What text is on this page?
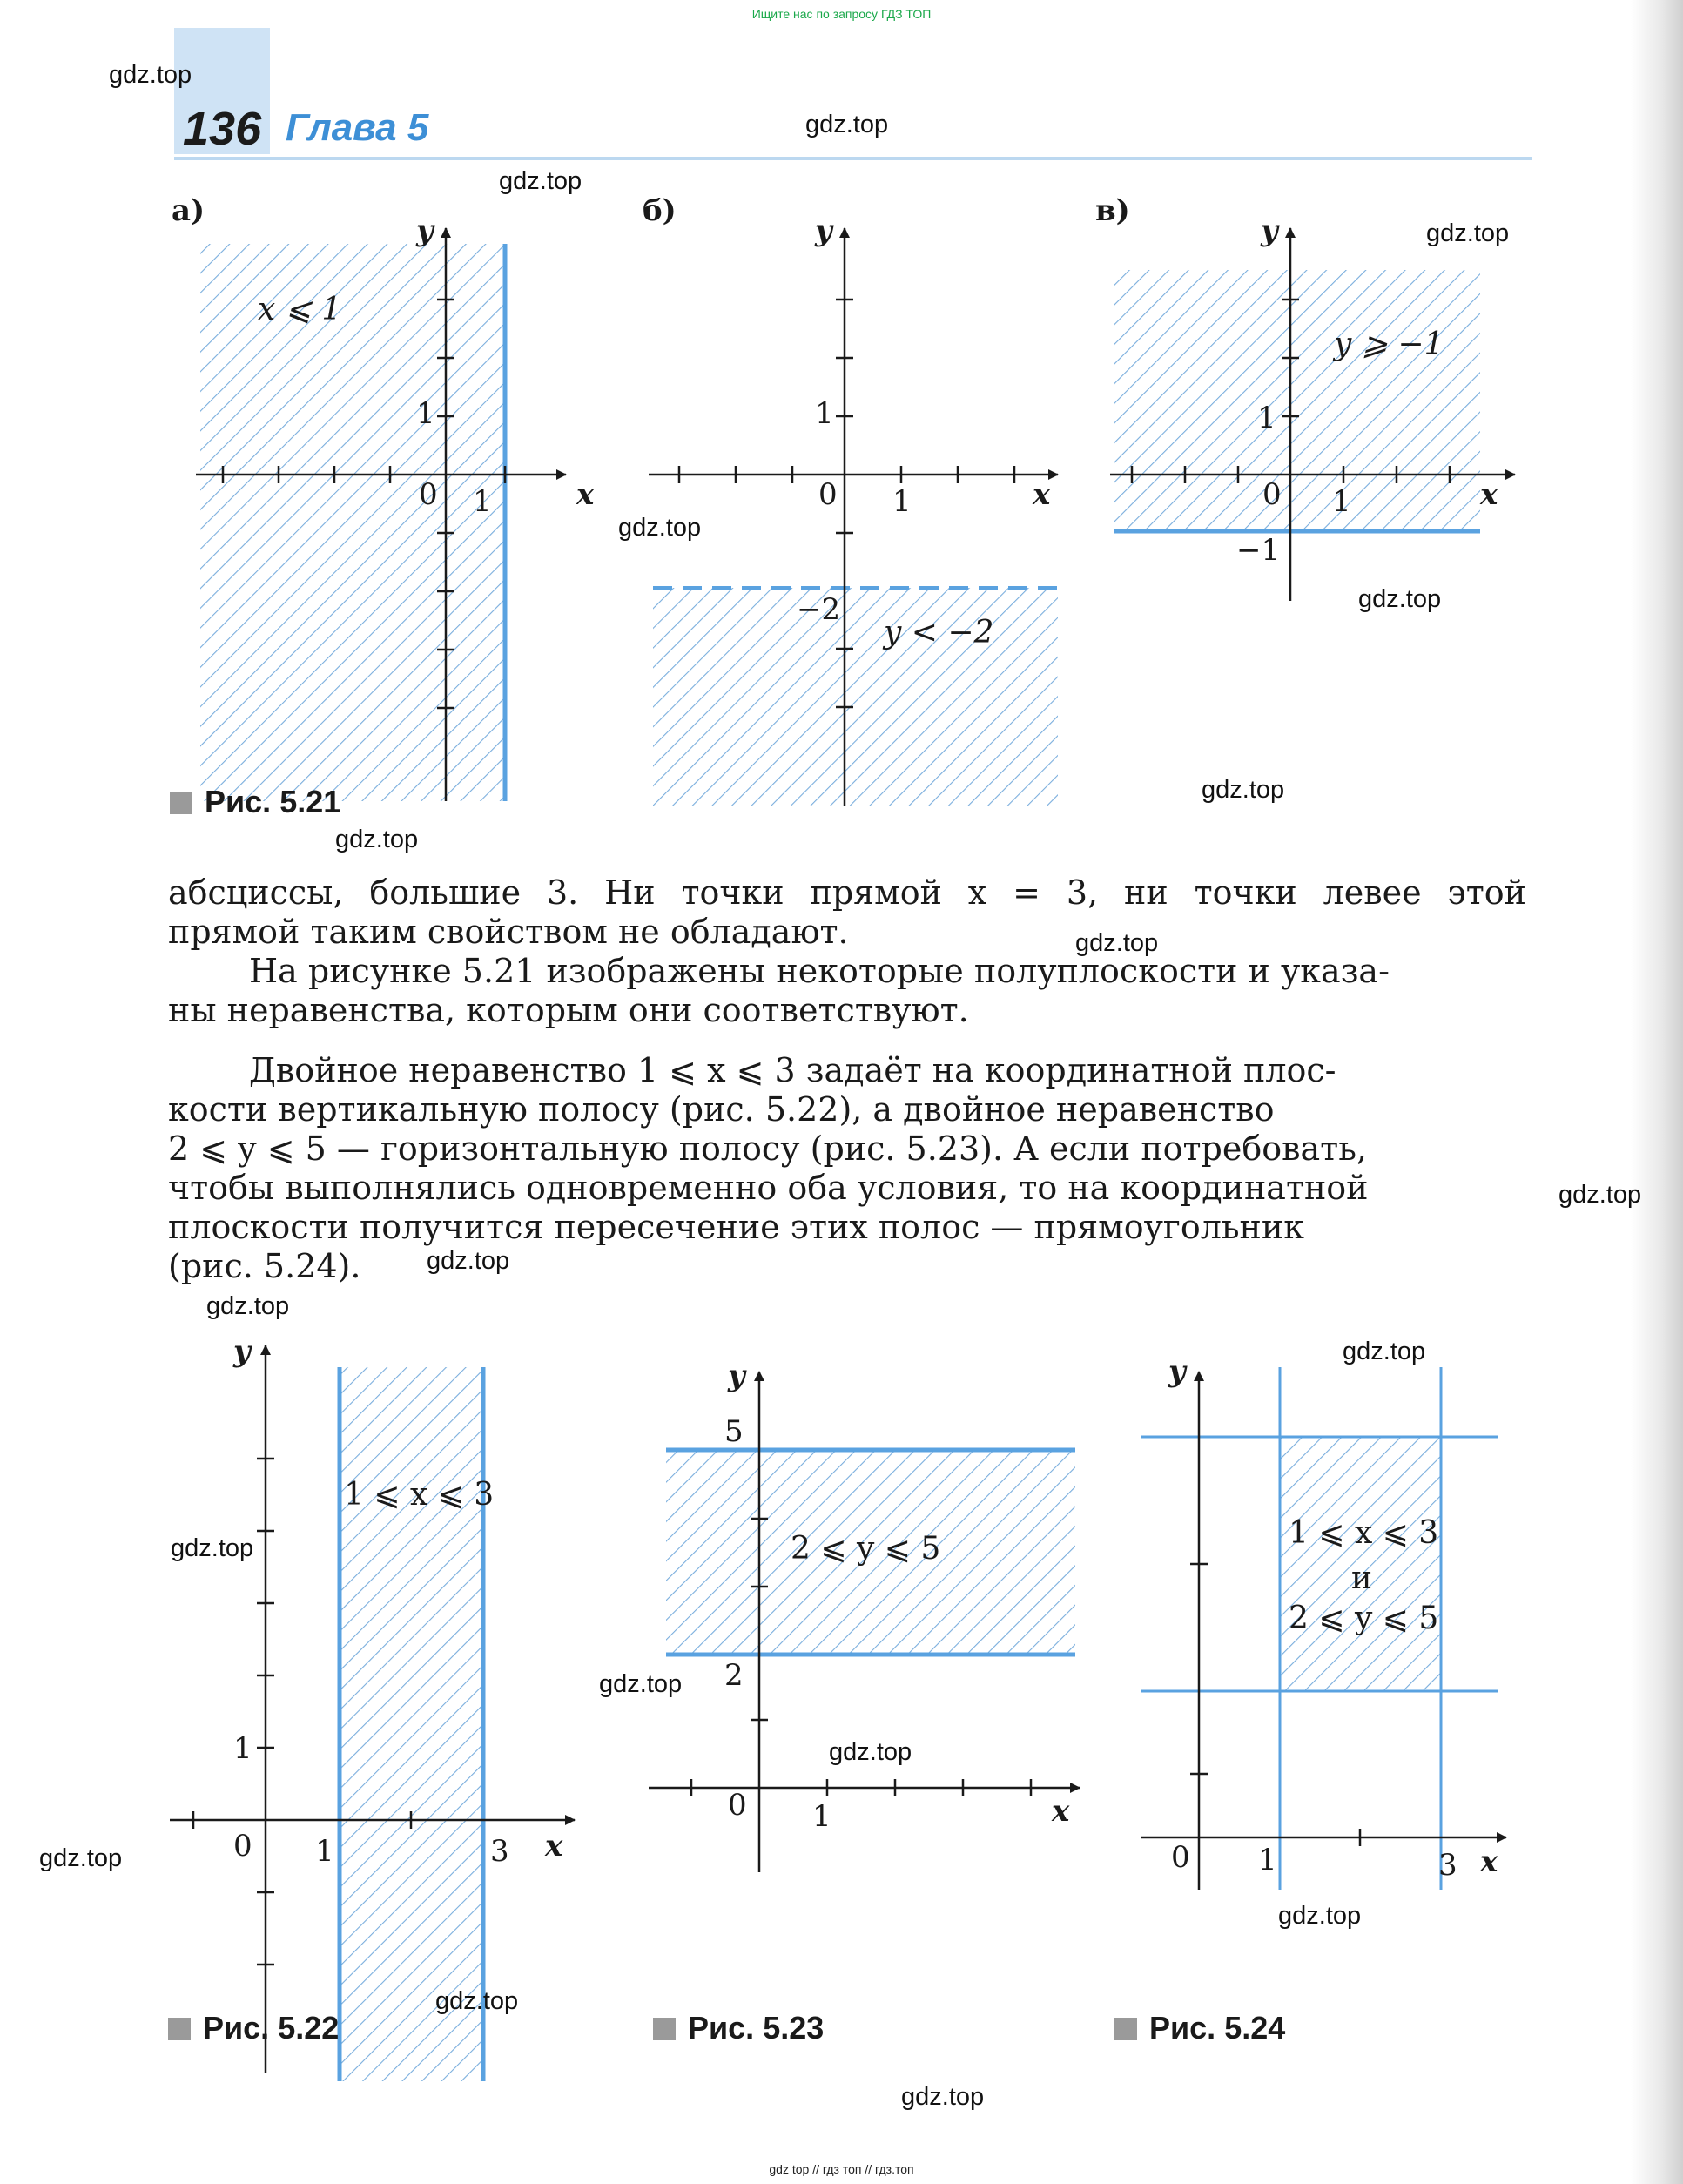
Ищите нас по запросу ГДЗ ТОП
gdz top // гдз топ // гдз.топ
136 Глава 5
а)	б)	в)
y
x
x ⩽ 1
0 1
1
y
x
0 1
1
−2
y < −2
y
x
y ⩾ −1
0 1
1
−1
Рис. 5.21
абсциссы, большие 3. Ни точки прямой x = 3, ни точки левее этой
прямой таким свойством не обладают.
На рисунке 5.21 изображены некоторые полуплоскости и указа-
ны неравенства, которым они соответствуют.
Двойное неравенство 1 ⩽ x ⩽ 3 задаёт на координатной плос-
кости вертикальную полосу (рис. 5.22), а двойное неравенство
2 ⩽ y ⩽ 5 — горизонтальную полосу (рис. 5.23). А если потребовать,
чтобы выполнялись одновременно оба условия, то на координатной
плоскости получится пересечение этих полос — прямоугольник
(рис. 5.24).
y
x
1 ⩽ x ⩽ 3
0 1	3
1
Рис. 5.22
y
x
2 ⩽ y ⩽ 5
0 1
2
5
Рис. 5.23
y
x
1 ⩽ x ⩽ 3
и
2 ⩽ y ⩽ 5
0 1	3
Рис. 5.24
gdz.top
gdz.top
gdz.top
gdz.top
gdz.top
gdz.top
gdz.top
gdz.top
gdz.top
gdz.top
gdz.top
gdz.top
gdz.top
gdz.top
gdz.top
gdz.top
gdz.top
gdz.top
gdz.top
gdz.top
